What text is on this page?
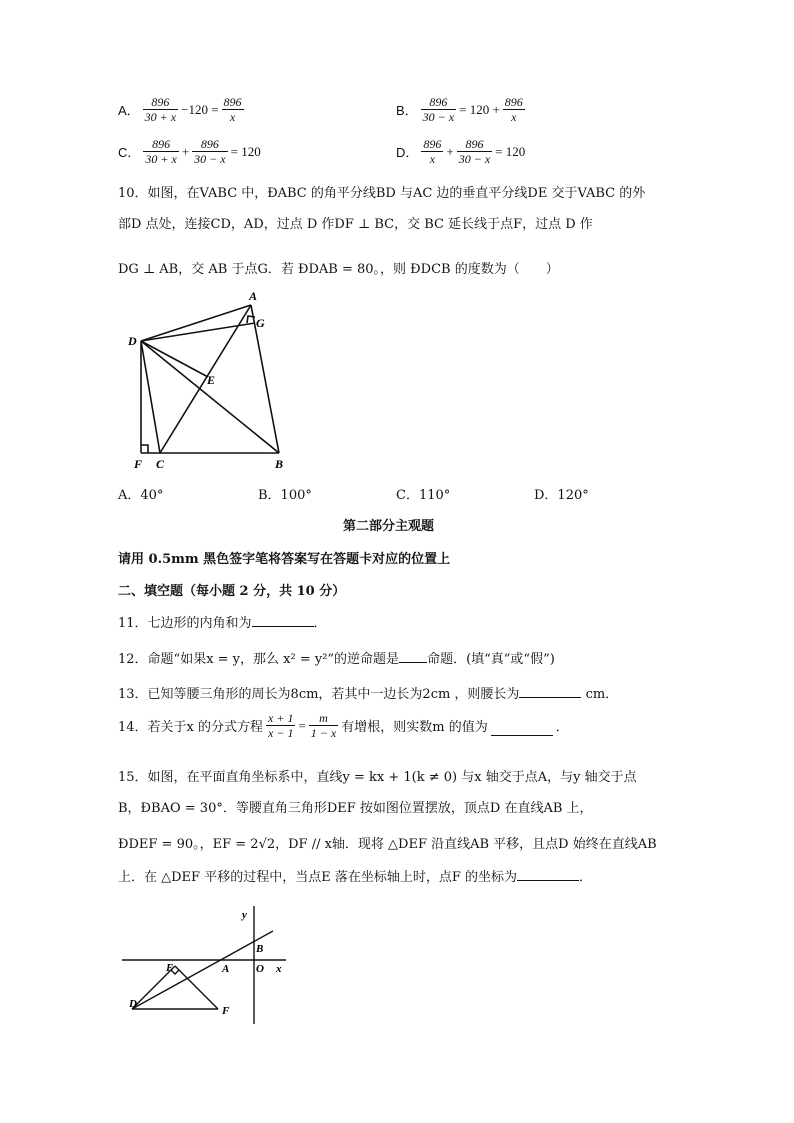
A． $\frac{896}{30 + x} -120 = \frac{896}{x}$	B． $\frac{896}{30 - x} = 120 + \frac{896}{x}$
C． $\frac{896}{30 + x} + \frac{896}{30 - x} = 120$	D． $\frac{896}{x} + \frac{896}{30 - x} = 120$
10．如图，在VABC 中，ÐABC 的角平分线BD 与AC 边的垂直平分线DE 交于VABC 的外
部D 点处，连接CD，AD，过点 D 作DF ⊥ BC，交 BC 延长线于点F，过点 D 作
DG ⊥ AB，交 AB 于点G．若 ÐDAB = 80。，则 ÐDCB 的度数为（　　）
A
G
D
E
F C	B
A．40°	B．100°	C．110°	D．120°
第二部分主观题
请用 0.5mm 黑色签字笔将答案写在答题卡对应的位置上
二、填空题（每小题 2 分，共 10 分）
11．七边形的内角和为	．
12．命题“如果x = y，那么 x² = y²”的逆命题是 命题．(填“真”或“假”)
13．已知等腰三角形的周长为8cm，若其中一边长为2cm ，则腰长为	cm．
14．若关于x 的分式方程 $\frac{x + 1}{x - 1} = \frac{m}{1 - x}$ 有增根，则实数m 的值为	．
15．如图，在平面直角坐标系中，直线y = kx + 1(k ≠ 0) 与x 轴交于点A，与y 轴交于点
B，ÐBAO = 30°．等腰直角三角形DEF 按如图位置摆放，顶点D 在直线AB 上，
ÐDEF = 90。，EF = 2√2，DF // x轴．现将 △DEF 沿直线AB 平移，且点D 始终在直线AB
上．在 △DEF 平移的过程中，当点E 落在坐标轴上时，点F 的坐标为	．
y
x
B
E	A O
D
F
